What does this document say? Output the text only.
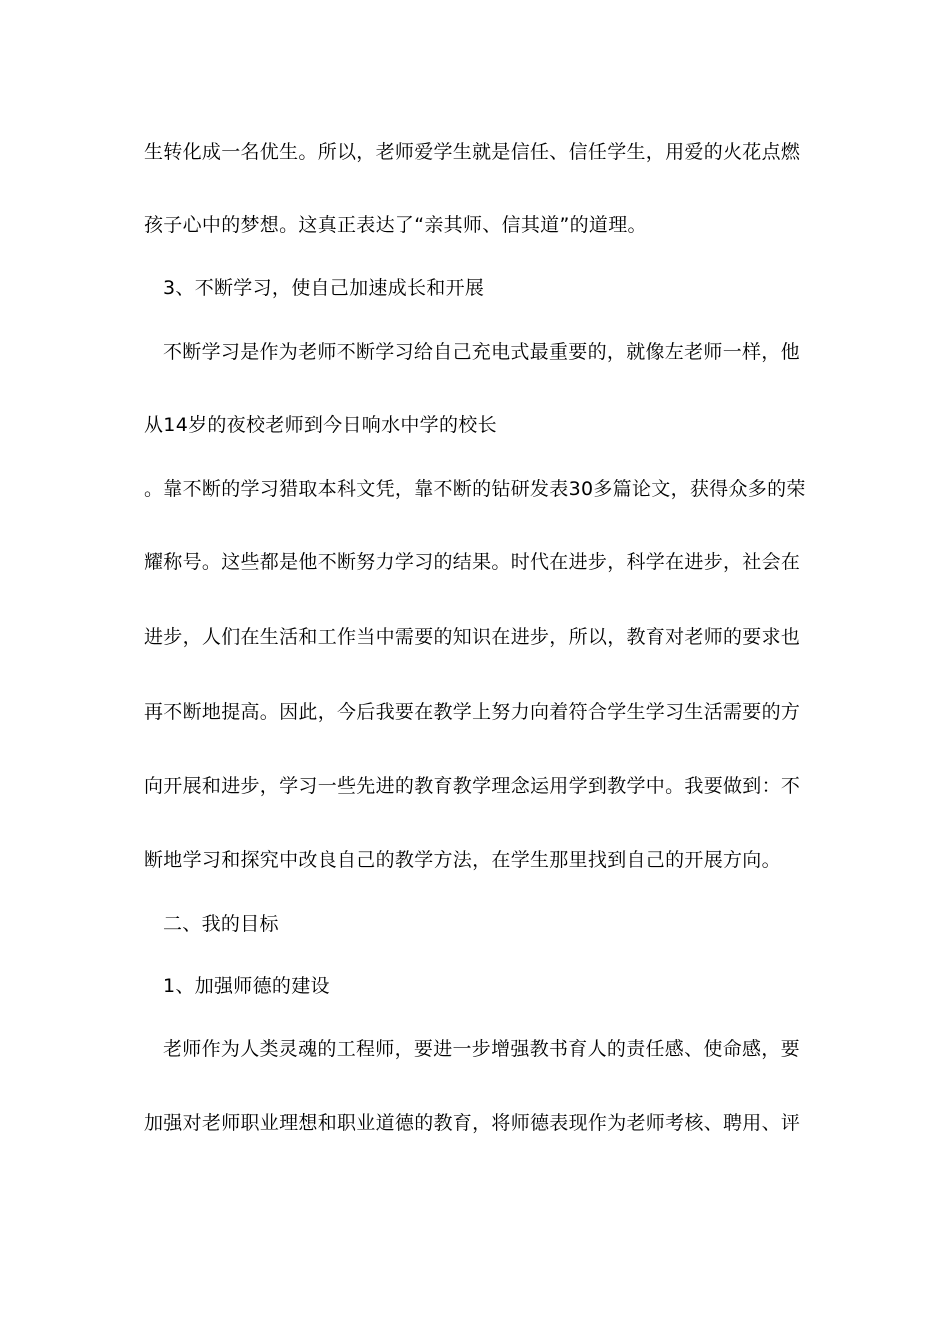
生转化成一名优生。所以，老师爱学生就是信任、信任学生，用爱的火花点燃
孩子心中的梦想。这真正表达了“亲其师、信其道”的道理。
3、不断学习，使自己加速成长和开展
不断学习是作为老师不断学习给自己充电式最重要的，就像左老师一样，他
从14岁的夜校老师到今日响水中学的校长
。靠不断的学习猎取本科文凭，靠不断的钻研发表30多篇论文，获得众多的荣
耀称号。这些都是他不断努力学习的结果。时代在进步，科学在进步，社会在
进步，人们在生活和工作当中需要的知识在进步，所以，教育对老师的要求也
再不断地提高。因此，今后我要在教学上努力向着符合学生学习生活需要的方
向开展和进步，学习一些先进的教育教学理念运用学到教学中。我要做到：不
断地学习和探究中改良自己的教学方法，在学生那里找到自己的开展方向。
二、我的目标
1、加强师德的建设
老师作为人类灵魂的工程师，要进一步增强教书育人的责任感、使命感，要
加强对老师职业理想和职业道德的教育，将师德表现作为老师考核、聘用、评
